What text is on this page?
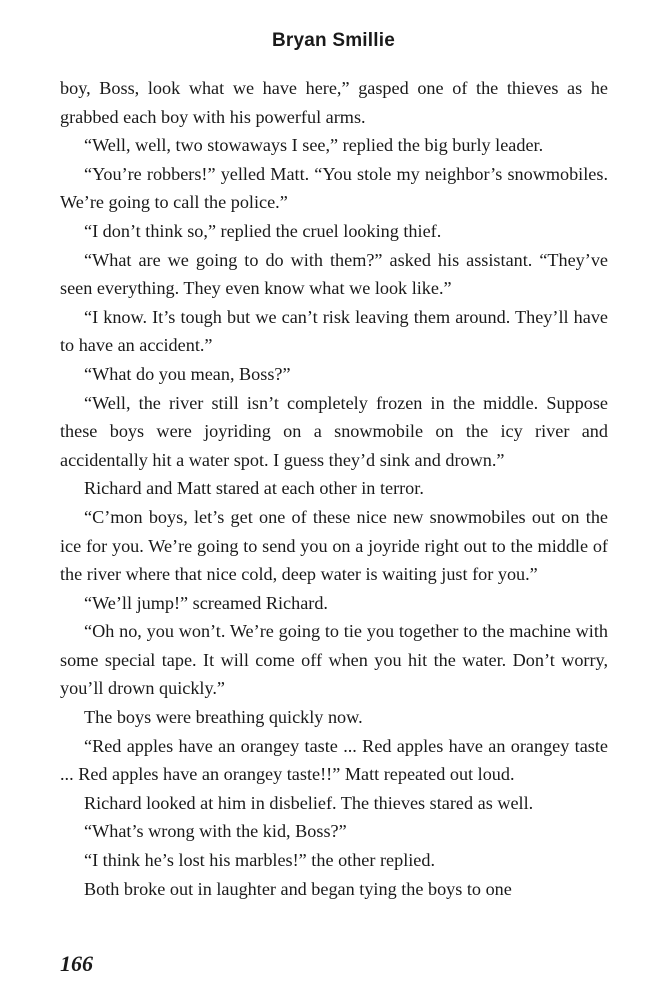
Bryan Smillie

boy, Boss, look what we have here,” gasped one of the thieves as he grabbed each boy with his powerful arms.

“Well, well, two stowaways I see,” replied the big burly leader.

“You’re robbers!” yelled Matt. “You stole my neighbor’s snowmobiles. We’re going to call the police.”

“I don’t think so,” replied the cruel looking thief.

“What are we going to do with them?” asked his assistant. “They’ve seen everything. They even know what we look like.”

“I know. It’s tough but we can’t risk leaving them around. They’ll have to have an accident.”

“What do you mean, Boss?”

“Well, the river still isn’t completely frozen in the middle. Suppose these boys were joyriding on a snowmobile on the icy river and accidentally hit a water spot. I guess they’d sink and drown.”

Richard and Matt stared at each other in terror.

“C’mon boys, let’s get one of these nice new snowmobiles out on the ice for you. We’re going to send you on a joyride right out to the middle of the river where that nice cold, deep water is waiting just for you.”

“We’ll jump!” screamed Richard.

“Oh no, you won’t. We’re going to tie you together to the machine with some special tape. It will come off when you hit the water. Don’t worry, you’ll drown quickly.”

The boys were breathing quickly now.

“Red apples have an orangey taste ... Red apples have an orangey taste ... Red apples have an orangey taste!!” Matt repeated out loud.

Richard looked at him in disbelief. The thieves stared as well.

“What’s wrong with the kid, Boss?”

“I think he’s lost his marbles!” the other replied.

Both broke out in laughter and began tying the boys to one

166
